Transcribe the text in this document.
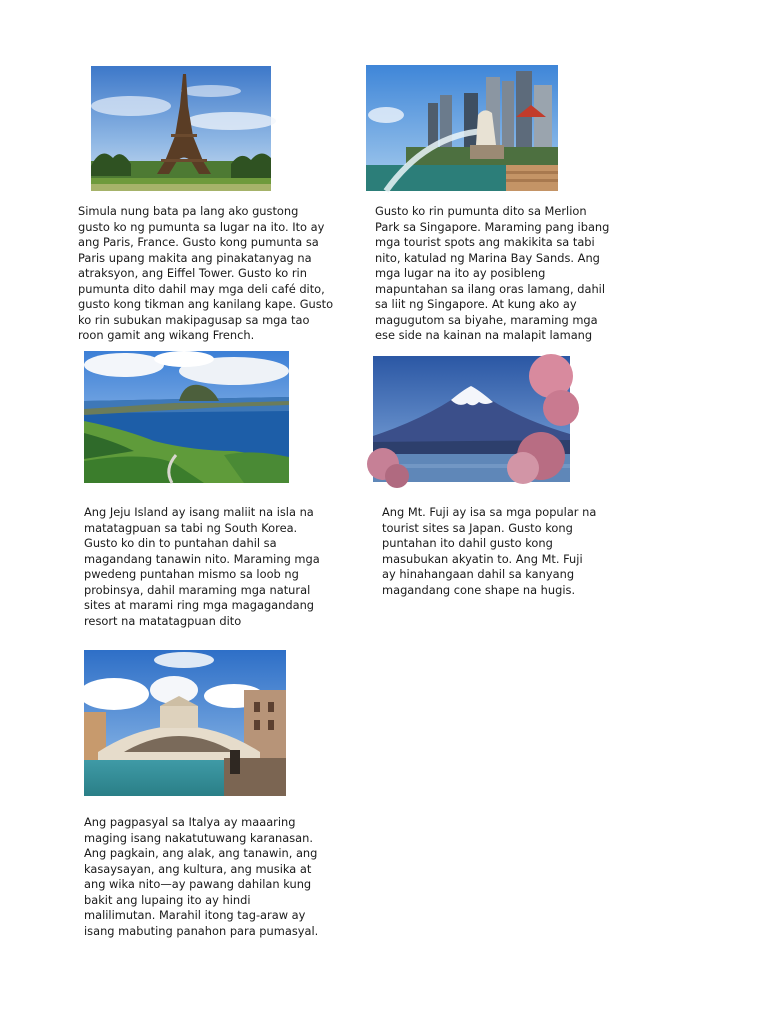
Simula nung bata pa lang ako gustong
gusto ko ng pumunta sa lugar na ito. Ito ay
ang Paris, France. Gusto kong pumunta sa
Paris upang makita ang pinakatanyag na
atraksyon, ang Eiffel Tower. Gusto ko rin
pumunta dito dahil may mga deli café dito,
gusto kong tikman ang kanilang kape. Gusto
ko rin subukan makipagusap sa mga tao
roon gamit ang wikang French.

Gusto ko rin pumunta dito sa Merlion
Park sa Singapore. Maraming pang ibang
mga tourist spots ang makikita sa tabi
nito, katulad ng Marina Bay Sands. Ang
mga lugar na ito ay posibleng
mapuntahan sa ilang oras lamang, dahil
sa liit ng Singapore. At kung ako ay
magugutom sa biyahe, maraming mga
ese side na kainan na malapit lamang

Ang Jeju Island ay isang maliit na isla na
matatagpuan sa tabi ng South Korea.
Gusto ko din to puntahan dahil sa
magandang tanawin nito. Maraming mga
pwedeng puntahan mismo sa loob ng
probinsya, dahil maraming mga natural
sites at marami ring mga magagandang
resort na matatagpuan dito

Ang Mt. Fuji ay isa sa mga popular na
tourist sites sa Japan. Gusto kong
puntahan ito dahil gusto kong
masubukan akyatin to. Ang Mt. Fuji
ay hinahangaan dahil sa kanyang
magandang cone shape na hugis.

Ang pagpasyal sa Italya ay maaaring
maging isang nakatutuwang karanasan.
Ang pagkain, ang alak, ang tanawin, ang
kasaysayan, ang kultura, ang musika at
ang wika nito—ay pawang dahilan kung
bakit ang lupaing ito ay hindi
malilimutan. Marahil itong tag-araw ay
isang mabuting panahon para pumasyal.
